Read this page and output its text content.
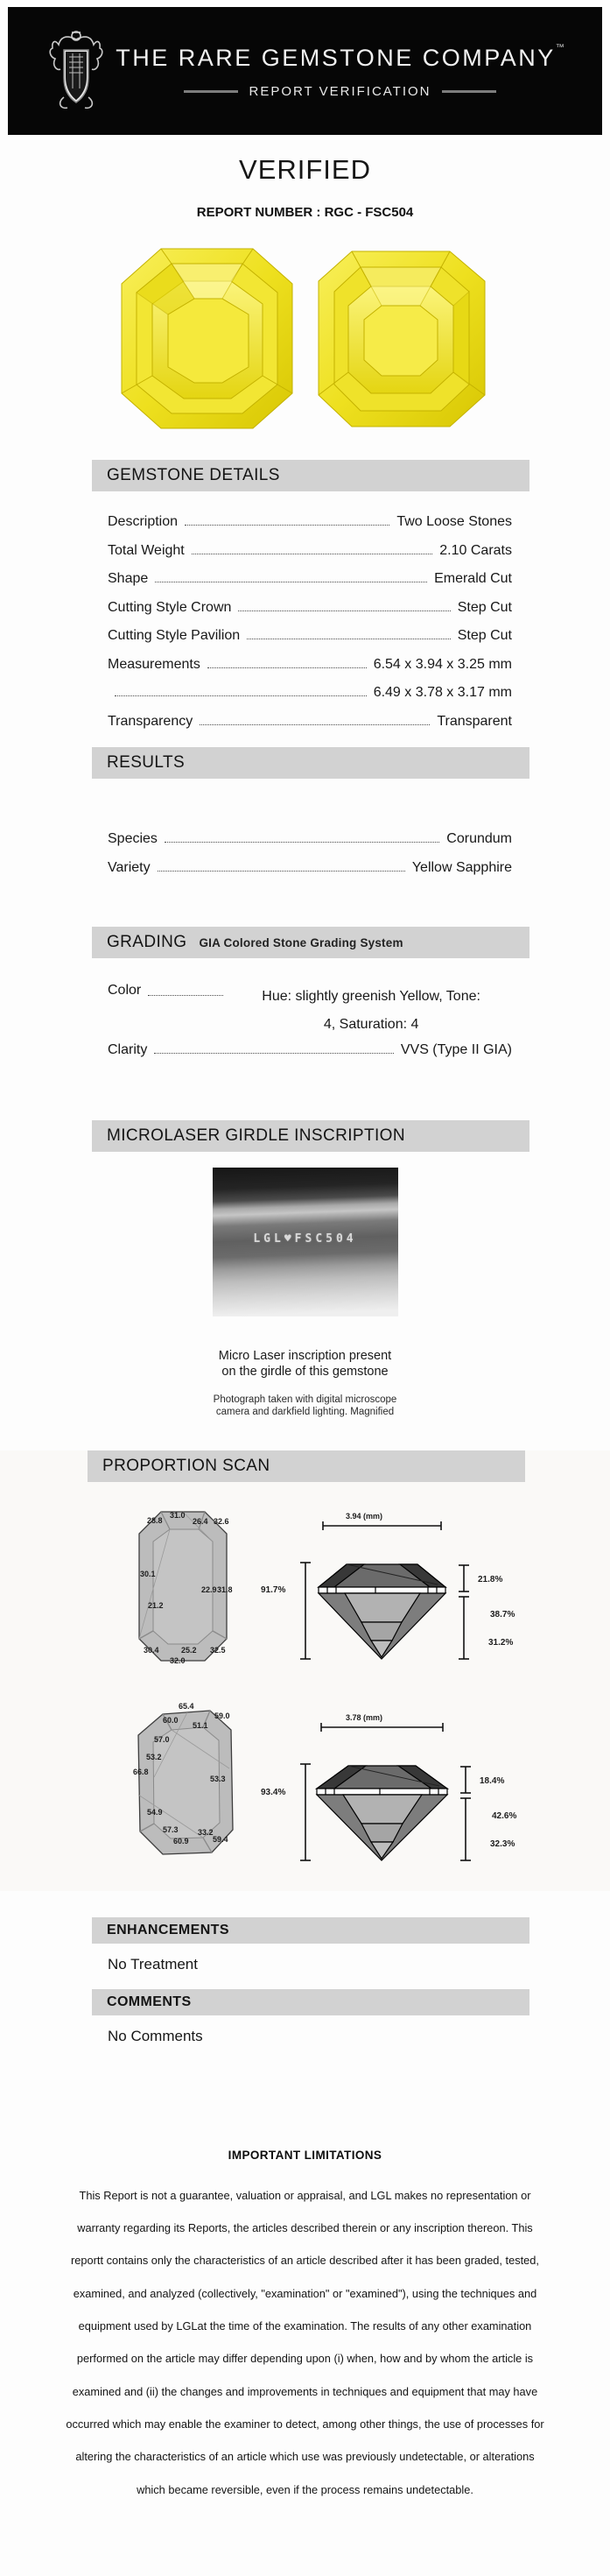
THE RARE GEMSTONE COMPANY™
REPORT VERIFICATION
VERIFIED
REPORT NUMBER : RGC - FSC504
GEMSTONE DETAILS
Description	Two Loose Stones
Total Weight	2.10 Carats
Shape	Emerald Cut
Cutting Style Crown	Step Cut
Cutting Style Pavilion	Step Cut
Measurements	6.54 x 3.94 x 3.25 mm
6.49 x 3.78 x 3.17 mm
Transparency	Transparent
RESULTS
Species	Corundum
Variety	Yellow Sapphire
GRADING GIA Colored Stone Grading System
Color	Hue: slightly greenish Yellow, Tone:
4, Saturation: 4
Clarity	VVS (Type II GIA)
MICROLASER GIRDLE INSCRIPTION
LGL♥FSC504
Micro Laser inscription present
on the girdle of this gemstone
Photograph taken with digital microscope
camera and darkfield lighting. Magnified
PROPORTION SCAN
28.8
31.0
26.4 32.6
30.1
21.2
22.9 31.8
30.4	25.2 32.5
32.0
91.7%
3.94 (mm)
21.8%
38.7%
31.2%
65.4
60.0	59.0
51.1
57.0
53.2
66.8
53.3
54.9
57.3
60.9
33.2
59.4
93.4%
3.78 (mm)
18.4%
42.6%
32.3%
ENHANCEMENTS
No Treatment
COMMENTS
No Comments
IMPORTANT LIMITATIONS
This Report is not a guarantee, valuation or appraisal, and LGL makes no representation or warranty regarding its Reports, the articles described therein or any inscription thereon. This reportt contains only the characteristics of an article described after it has been graded, tested, examined, and analyzed (collectively, "examination" or "examined"), using the techniques and equipment used by LGLat the time of the examination. The results of any other examination performed on the article may differ depending upon (i) when, how and by whom the article is examined and (ii) the changes and improvements in techniques and equipment that may have occurred which may enable the examiner to detect, among other things, the use of processes for altering the characteristics of an article which use was previously undetectable, or alterations which became reversible, even if the process remains undetectable.
